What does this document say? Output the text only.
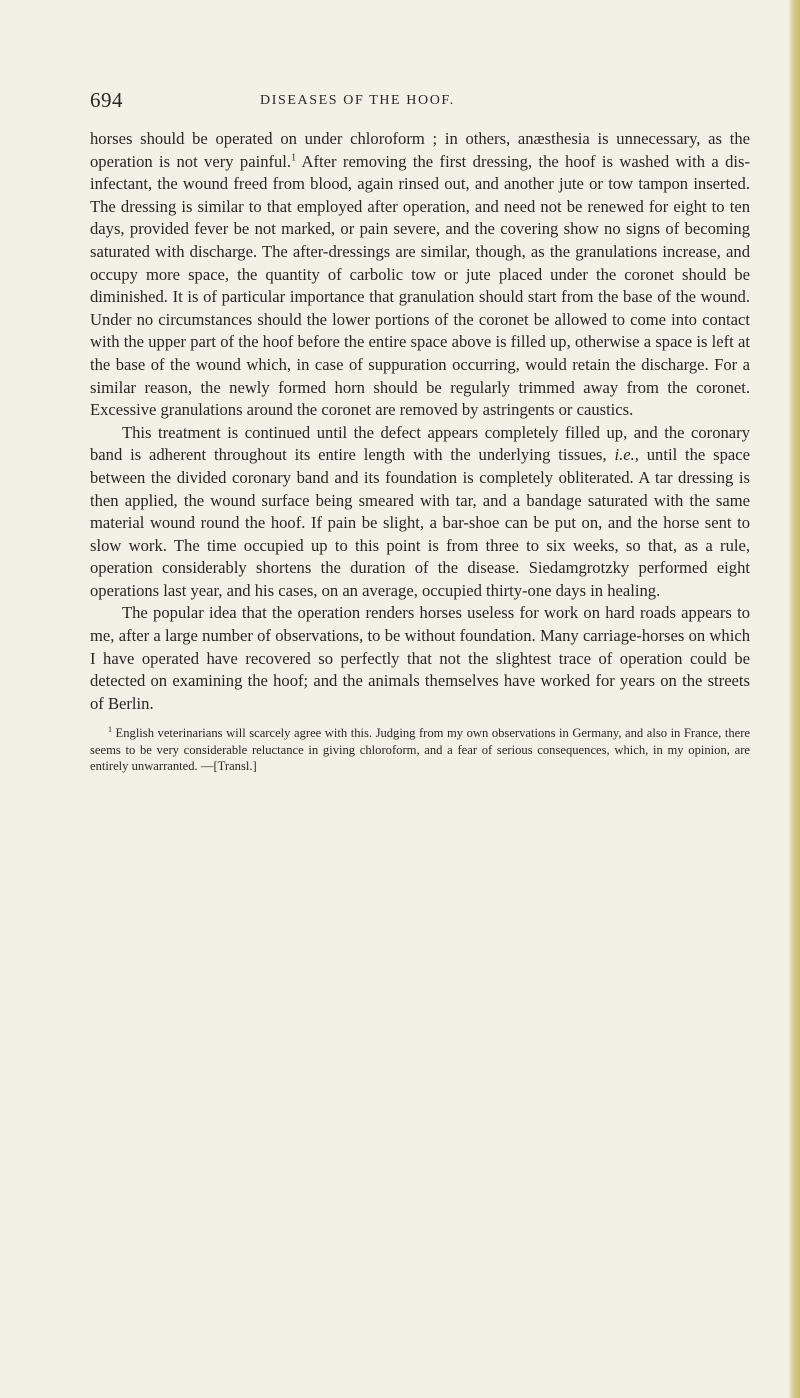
694	DISEASES OF THE HOOF.

horses should be operated on under chloroform ; in others, anæsthesia is unnecessary, as the operation is not very painful.$^1$ After removing the first dressing, the hoof is washed with a dis-infectant, the wound freed from blood, again rinsed out, and another jute or tow tampon inserted. The dressing is similar to that employed after operation, and need not be renewed for eight to ten days, provided fever be not marked, or pain severe, and the covering show no signs of becoming saturated with discharge. The after-dressings are similar, though, as the granulations increase, and occupy more space, the quantity of carbolic tow or jute placed under the coronet should be diminished. It is of particular importance that granulation should start from the base of the wound. Under no circumstances should the lower portions of the coronet be allowed to come into contact with the upper part of the hoof before the entire space above is filled up, otherwise a space is left at the base of the wound which, in case of suppuration occurring, would retain the discharge. For a similar reason, the newly formed horn should be regularly trimmed away from the coronet. Excessive granulations around the coronet are removed by astringents or caustics.

This treatment is continued until the defect appears completely filled up, and the coronary band is adherent throughout its entire length with the underlying tissues, i.e., until the space between the divided coronary band and its foundation is completely obliterated. A tar dressing is then applied, the wound surface being smeared with tar, and a bandage saturated with the same material wound round the hoof. If pain be slight, a bar-shoe can be put on, and the horse sent to slow work. The time occupied up to this point is from three to six weeks, so that, as a rule, operation considerably shortens the duration of the disease. Siedamgrotzky performed eight operations last year, and his cases, on an average, occupied thirty-one days in healing.

The popular idea that the operation renders horses useless for work on hard roads appears to me, after a large number of observations, to be without foundation. Many carriage-horses on which I have operated have recovered so perfectly that not the slightest trace of operation could be detected on examining the hoof; and the animals themselves have worked for years on the streets of Berlin.

$^1$ English veterinarians will scarcely agree with this. Judging from my own observations in Germany, and also in France, there seems to be very considerable reluctance in giving chloroform, and a fear of serious consequences, which, in my opinion, are entirely unwarranted. —[Transl.]
